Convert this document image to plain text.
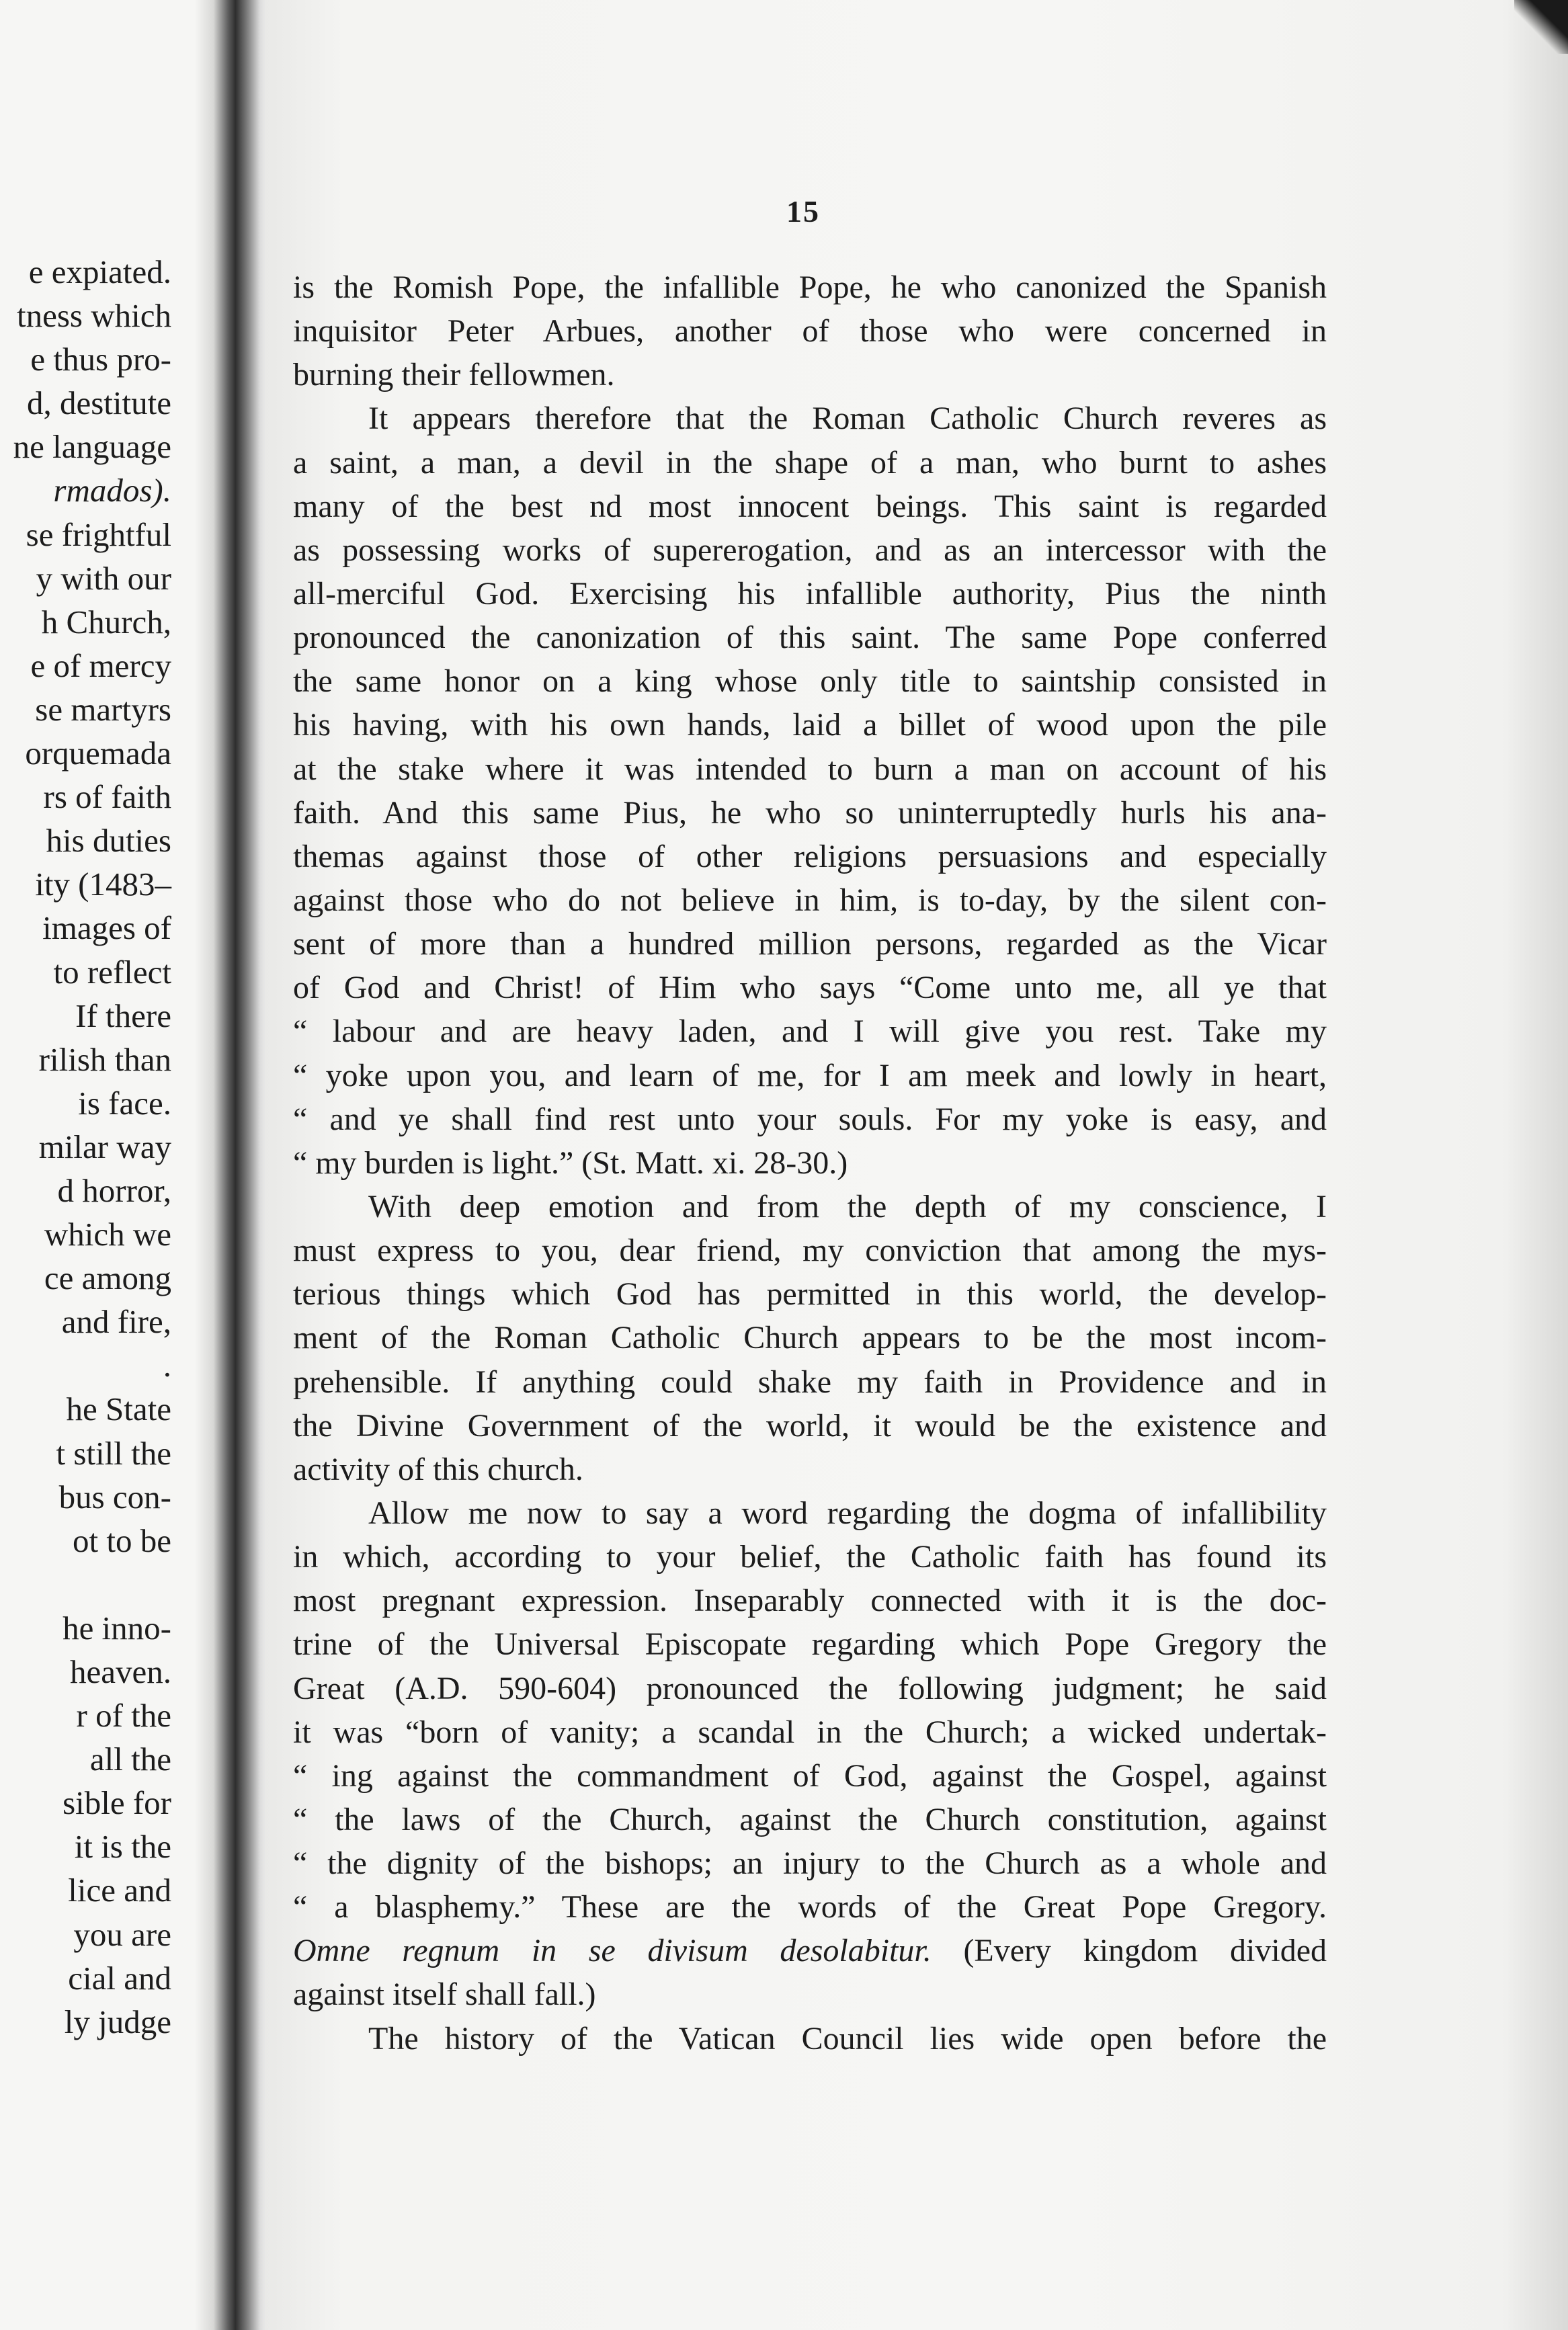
e expiated.
tness which
e thus pro-
d, destitute
ne language
rmados).
se frightful
y with our
h Church,
e of mercy
se martyrs
orquemada
rs of faith
his duties
ity (1483–
images of
to reflect
If there
rilish than
is face.
milar way
d horror,
which we
ce among
and fire,
.
he State
t still the
bus con-
ot to be
he inno-
heaven.
r of the
all the
sible for
it is the
lice and
you are
cial and
ly judge
15
is the Romish Pope, the infallible Pope, he who canonized the Spanish
inquisitor Peter Arbues, another of those who were concerned in
burning their fellowmen.
It appears therefore that the Roman Catholic Church reveres as
a saint, a man, a devil in the shape of a man, who burnt to ashes
many of the best nd most innocent beings. This saint is regarded
as possessing works of supererogation, and as an intercessor with the
all-merciful God. Exercising his infallible authority, Pius the ninth
pronounced the canonization of this saint. The same Pope conferred
the same honor on a king whose only title to saintship consisted in
his having, with his own hands, laid a billet of wood upon the pile
at the stake where it was intended to burn a man on account of his
faith. And this same Pius, he who so uninterruptedly hurls his ana-
themas against those of other religions persuasions and especially
against those who do not believe in him, is to-day, by the silent con-
sent of more than a hundred million persons, regarded as the Vicar
of God and Christ! of Him who says “Come unto me, all ye that
“ labour and are heavy laden, and I will give you rest. Take my
“ yoke upon you, and learn of me, for I am meek and lowly in heart,
“ and ye shall find rest unto your souls. For my yoke is easy, and
“ my burden is light.” (St. Matt. xi. 28-30.)
With deep emotion and from the depth of my conscience, I
must express to you, dear friend, my conviction that among the mys-
terious things which God has permitted in this world, the develop-
ment of the Roman Catholic Church appears to be the most incom-
prehensible. If anything could shake my faith in Providence and in
the Divine Government of the world, it would be the existence and
activity of this church.
Allow me now to say a word regarding the dogma of infallibility
in which, according to your belief, the Catholic faith has found its
most pregnant expression. Inseparably connected with it is the doc-
trine of the Universal Episcopate regarding which Pope Gregory the
Great (A.D. 590-604) pronounced the following judgment; he said
it was “born of vanity; a scandal in the Church; a wicked undertak-
“ ing against the commandment of God, against the Gospel, against
“ the laws of the Church, against the Church constitution, against
“ the dignity of the bishops; an injury to the Church as a whole and
“ a blasphemy.” These are the words of the Great Pope Gregory.
Omne regnum in se divisum desolabitur. (Every kingdom divided
against itself shall fall.)
The history of the Vatican Council lies wide open before the
